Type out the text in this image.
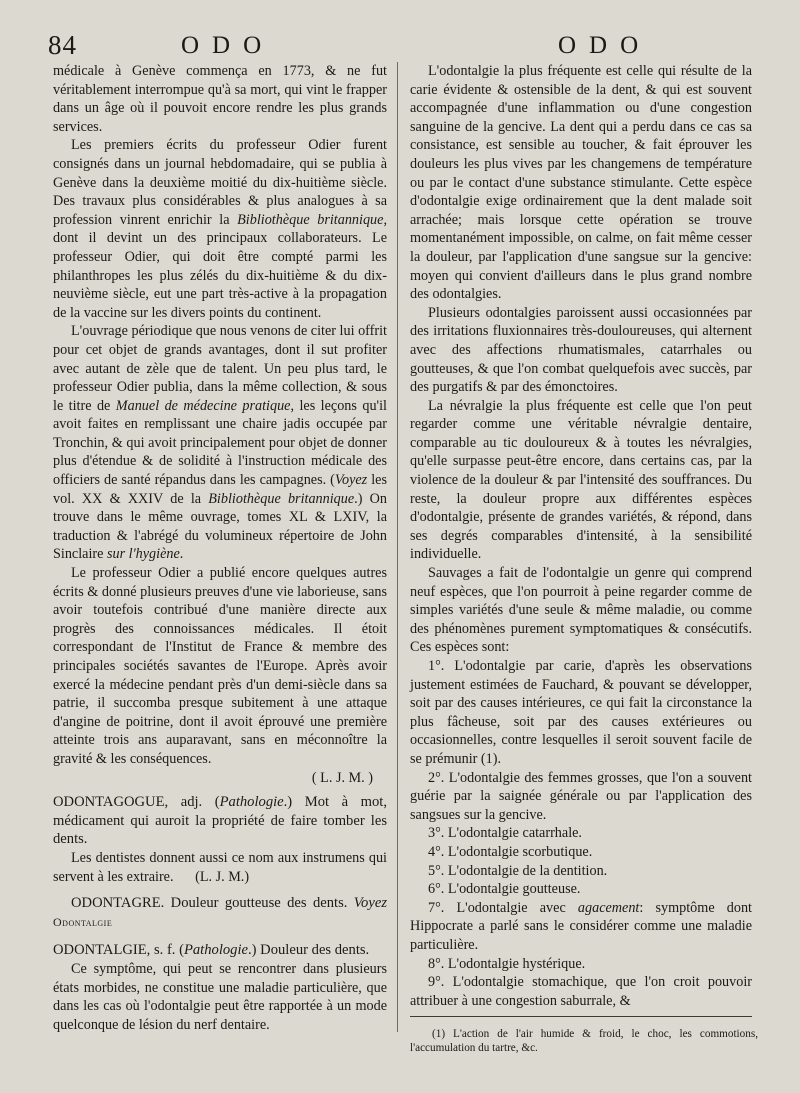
84	ODO	ODO

médicale à Genève commença en 1773, & ne fut véritablement interrompue qu'à sa mort, qui vint le frapper dans un âge où il pouvoit encore rendre les plus grands services.

Les premiers écrits du professeur Odier furent consignés dans un journal hebdomadaire, qui se publia à Genève dans la deuxième moitié du dix-huitième siècle. Des travaux plus considérables & plus analogues à sa profession vinrent enrichir la Bibliothèque britannique, dont il devint un des principaux collaborateurs. Le professeur Odier, qui doit être compté parmi les philanthropes les plus zélés du dix-huitième & du dix-neuvième siècle, eut une part très-active à la propagation de la vaccine sur les divers points du continent.

L'ouvrage périodique que nous venons de citer lui offrit pour cet objet de grands avantages, dont il sut profiter avec autant de zèle que de talent. Un peu plus tard, le professeur Odier publia, dans la même collection, & sous le titre de Manuel de médecine pratique, les leçons qu'il avoit faites en remplissant une chaire jadis occupée par Tronchin, & qui avoit principalement pour objet de donner plus d'étendue & de solidité à l'instruction médicale des officiers de santé répandus dans les campagnes. (Voyez les vol. XX & XXIV de la Bibliothèque britannique.) On trouve dans le même ouvrage, tomes XL & LXIV, la traduction & l'abrégé du volumineux répertoire de John Sinclaire sur l'hygiène.

Le professeur Odier a publié encore quelques autres écrits & donné plusieurs preuves d'une vie laborieuse, sans avoir toutefois contribué d'une manière directe aux progrès des connoissances médicales. Il étoit correspondant de l'Institut de France & membre des principales sociétés savantes de l'Europe. Après avoir exercé la médecine pendant près d'un demi-siècle dans sa patrie, il succomba presque subitement à une attaque d'angine de poitrine, dont il avoit éprouvé une première atteinte trois ans auparavant, sans en méconnoître la gravité & les conséquences.

( L. J. M. )

ODONTAGOGUE, adj. (Pathologie.) Mot à mot, médicament qui auroit la propriété de faire tomber les dents.

Les dentistes donnent aussi ce nom aux instrumens qui servent à les extraire. (L. J. M.)

ODONTAGRE. Douleur goutteuse des dents. Voyez Odontalgie

ODONTALGIE, s. f. (Pathologie.) Douleur des dents.

Ce symptôme, qui peut se rencontrer dans plusieurs états morbides, ne constitue une maladie particulière, que dans les cas où l'odontalgie peut être rapportée à un mode quelconque de lésion du nerf dentaire.

L'odontalgie la plus fréquente est celle qui résulte de la carie évidente & ostensible de la dent, & qui est souvent accompagnée d'une inflammation ou d'une congestion sanguine de la gencive. La dent qui a perdu dans ce cas sa consistance, est sensible au toucher, & fait éprouver les douleurs les plus vives par les changemens de température ou par le contact d'une substance stimulante. Cette espèce d'odontalgie exige ordinairement que la dent malade soit arrachée; mais lorsque cette opération se trouve momentanément impossible, on calme, on fait même cesser la douleur, par l'application d'une sangsue sur la gencive: moyen qui convient d'ailleurs dans le plus grand nombre des odontalgies.

Plusieurs odontalgies paroissent aussi occasionnées par des irritations fluxionnaires très-douloureuses, qui alternent avec des affections rhumatismales, catarrhales ou goutteuses, & que l'on combat quelquefois avec succès, par des purgatifs & par des émonctoires.

La névralgie la plus fréquente est celle que l'on peut regarder comme une véritable névralgie dentaire, comparable au tic douloureux & à toutes les névralgies, qu'elle surpasse peut-être encore, dans certains cas, par la violence de la douleur & par l'intensité des souffrances. Du reste, la douleur propre aux différentes espèces d'odontalgie, présente de grandes variétés, & répond, dans ses degrés comparables d'intensité, à la sensibilité individuelle.

Sauvages a fait de l'odontalgie un genre qui comprend neuf espèces, que l'on pourroit à peine regarder comme de simples variétés d'une seule & même maladie, ou comme des phénomènes purement symptomatiques & consécutifs. Ces espèces sont:

1°. L'odontalgie par carie, d'après les observations justement estimées de Fauchard, & pouvant se développer, soit par des causes intérieures, ce qui fait la circonstance la plus fâcheuse, soit par des causes extérieures ou occasionnelles, contre lesquelles il seroit souvent facile de se prémunir (1).

2°. L'odontalgie des femmes grosses, que l'on a souvent guérie par la saignée générale ou par l'application des sangsues sur la gencive.

3°. L'odontalgie catarrhale.

4°. L'odontalgie scorbutique.

5°. L'odontalgie de la dentition.

6°. L'odontalgie goutteuse.

7°. L'odontalgie avec agacement: symptôme dont Hippocrate a parlé sans le considérer comme une maladie particulière.

8°. L'odontalgie hystérique.

9°. L'odontalgie stomachique, que l'on croit pouvoir attribuer à une congestion saburrale, &

(1) L'action de l'air humide & froid, le choc, les commotions, l'accumulation du tartre, &c.
